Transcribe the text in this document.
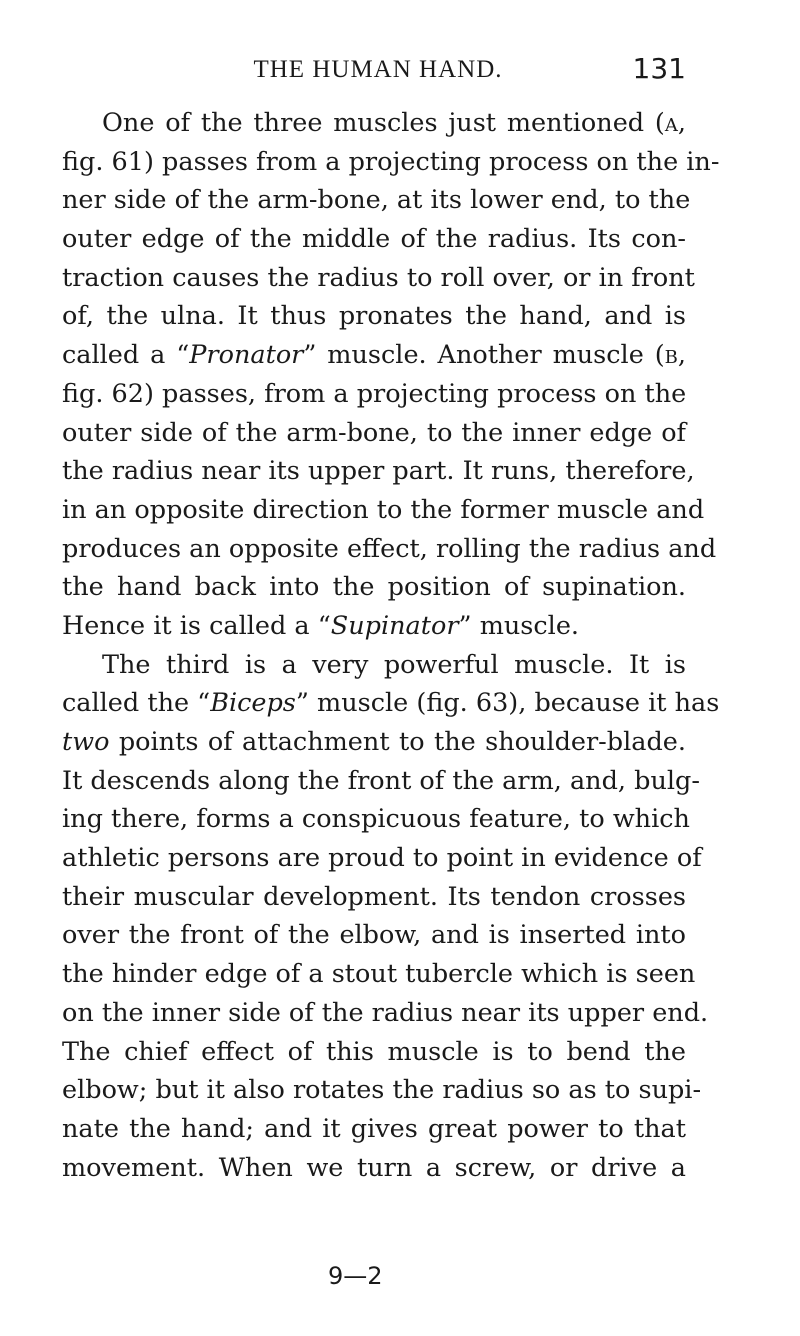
THE HUMAN HAND.	131
One of the three muscles just mentioned (a,
fig. 61) passes from a projecting process on the in-
ner side of the arm-bone, at its lower end, to the
outer edge of the middle of the radius. Its con-
traction causes the radius to roll over, or in front
of, the ulna. It thus pronates the hand, and is
called a “Pronator” muscle. Another muscle (b,
fig. 62) passes, from a projecting process on the
outer side of the arm-bone, to the inner edge of
the radius near its upper part. It runs, therefore,
in an opposite direction to the former muscle and
produces an opposite effect, rolling the radius and
the hand back into the position of supination.
Hence it is called a “Supinator” muscle.
The third is a very powerful muscle. It is
called the “Biceps” muscle (fig. 63), because it has
two points of attachment to the shoulder-blade.
It descends along the front of the arm, and, bulg-
ing there, forms a conspicuous feature, to which
athletic persons are proud to point in evidence of
their muscular development. Its tendon crosses
over the front of the elbow, and is inserted into
the hinder edge of a stout tubercle which is seen
on the inner side of the radius near its upper end.
The chief effect of this muscle is to bend the
elbow; but it also rotates the radius so as to supi-
nate the hand; and it gives great power to that
movement. When we turn a screw, or drive a
9—2
